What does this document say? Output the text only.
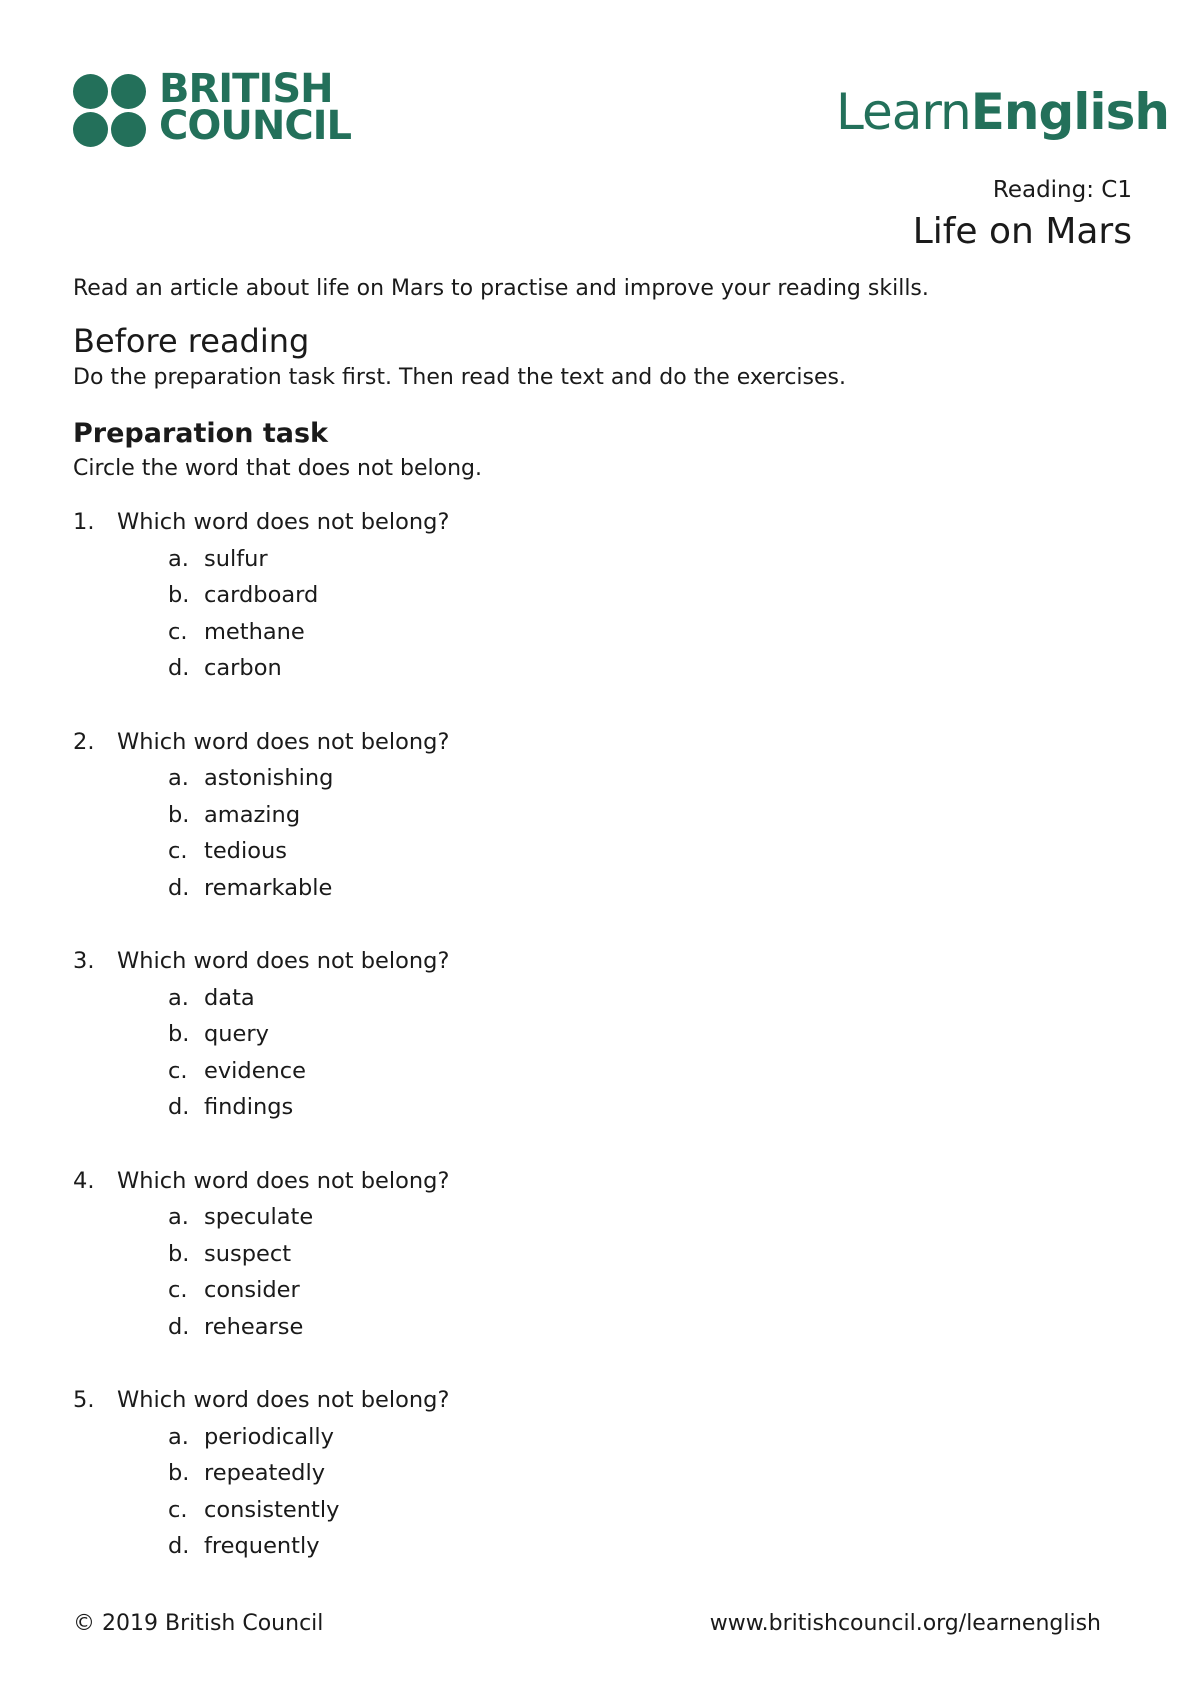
BRITISH
COUNCIL	LearnEnglish
Reading: C1
Life on Mars
Read an article about life on Mars to practise and improve your reading skills.
Before reading
Do the preparation task first. Then read the text and do the exercises.
Preparation task
Circle the word that does not belong.
1. Which word does not belong?
a. sulfur
b. cardboard
c. methane
d. carbon
2. Which word does not belong?
a. astonishing
b. amazing
c. tedious
d. remarkable
3. Which word does not belong?
a. data
b. query
c. evidence
d. findings
4. Which word does not belong?
a. speculate
b. suspect
c. consider
d. rehearse
5. Which word does not belong?
a. periodically
b. repeatedly
c. consistently
d. frequently
© 2019 British Council	www.britishcouncil.org/learnenglish
